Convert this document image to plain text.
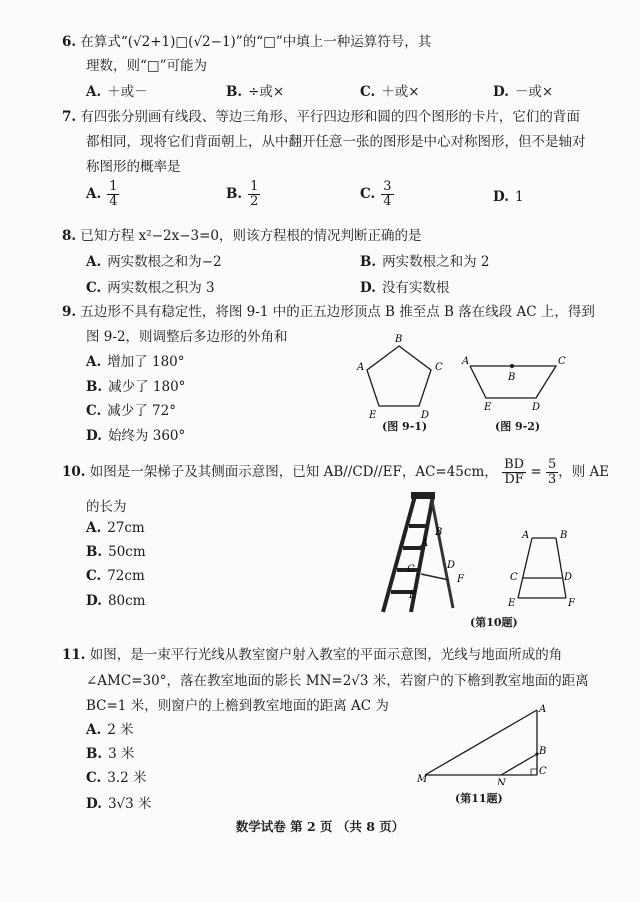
6. 在算式“(√2+1)□(√2−1)”的“□”中填上一种运算符号，其
理数，则“□”可能为
A. ＋或－	B. ÷或×	C. ＋或×	D. －或×
7. 有四张分别画有线段、等边三角形、平行四边形和圆的四个图形的卡片，它们的背面
都相同，现将它们背面朝上，从中翻开任意一张的图形是中心对称图形，但不是轴对
称图形的概率是
A. $\frac{1}{4}$	B. $\frac{1}{2}$	C. $\frac{3}{4}$	D. 1
8. 已知方程 x²−2x−3=0，则该方程根的情况判断正确的是
A. 两实数根之和为−2	B. 两实数根之和为 2
C. 两实数根之积为 3	D. 没有实数根
9. 五边形不具有稳定性，将图 9-1 中的正五边形顶点 B 推至点 B 落在线段 AC 上，得到
图 9-2，则调整后多边形的外角和
A. 增加了 180°
B. 减少了 180°
C. 减少了 72°
D. 始终为 360°
B
C
D
E
A
(图 9-1)
A	C
B
E	D
(图 9-2)
10. 如图是一架梯子及其侧面示意图，已知 AB//CD//EF，AC=45cm， $\frac{BD}{DF} = \frac{5}{3}$ ，则 AE
的长为
A. 27cm
B. 50cm
C. 72cm
D. 80cm
B
A
D
C
F
E
A	B
C	D
E	F
(第10题)
11. 如图，是一束平行光线从教室窗户射入教室的平面示意图，光线与地面所成的角
∠AMC=30°，落在教室地面的影长 MN=2√3 米，若窗户的下檐到教室地面的距离
BC=1 米，则窗户的上檐到教室地面的距离 AC 为
A. 2 米
B. 3 米
C. 3.2 米
D. 3√3 米
A
B
C
M	N
(第11题)
数学试卷 第 2 页 （共 8 页）
